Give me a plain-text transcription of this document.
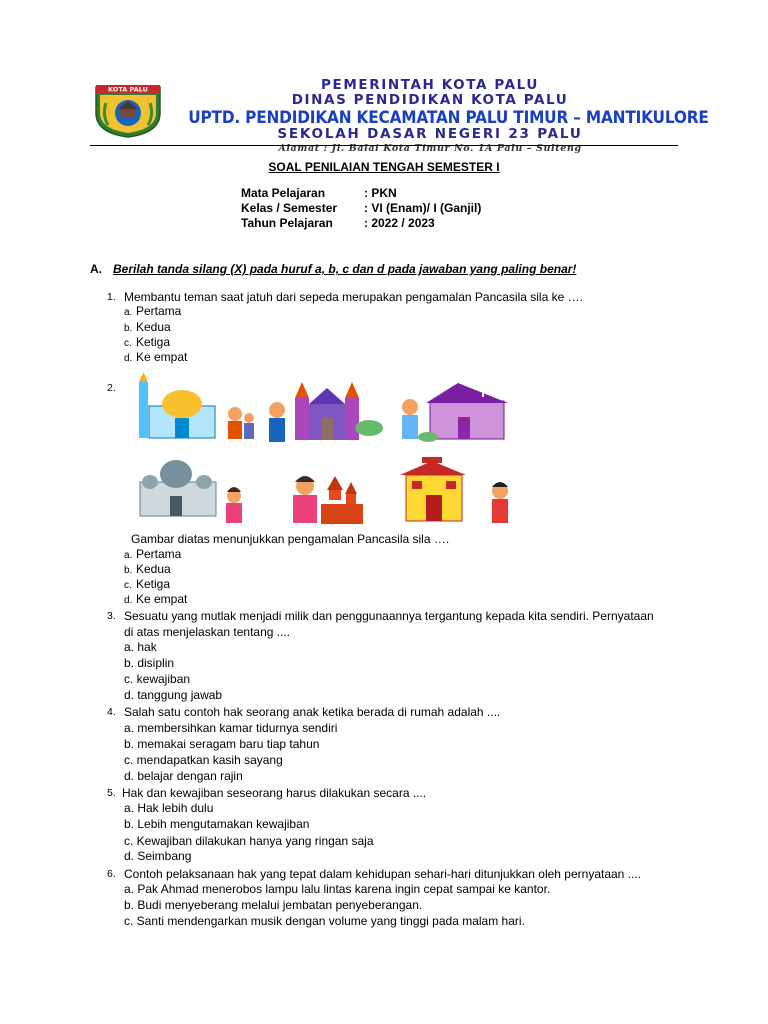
KOTA PALU	PEMERINTAH KOTA PALU
DINAS PENDIDIKAN KOTA PALU
UPTD. PENDIDIKAN KECAMATAN PALU TIMUR – MANTIKULORE
SEKOLAH DASAR NEGERI 23 PALU
Alamat : Jl. Balai Kota Timur No. 1A Palu – Sulteng
SOAL PENILAIAN TENGAH SEMESTER I
Mata Pelajaran	: PKN
Kelas / Semester : VI (Enam)/ I (Ganjil)
Tahun Pelajaran	: 2022 / 2023
A. Berilah tanda silang (X) pada huruf a, b, c dan d pada jawaban yang paling benar!
1. Membantu teman saat jatuh dari sepeda merupakan pengamalan Pancasila sila ke ….
a. Pertama
b. Kedua
c. Ketiga
d. Ke empat
2.
Gambar diatas menunjukkan pengamalan Pancasila sila ….
a. Pertama
b. Kedua
c. Ketiga
d. Ke empat
3. Sesuatu yang mutlak menjadi milik dan penggunaannya tergantung kepada kita sendiri. Pernyataan
di atas menjelaskan tentang ....
a. hak
b. disiplin
c. kewajiban
d. tanggung jawab
4. Salah satu contoh hak seorang anak ketika berada di rumah adalah ....
a. membersihkan kamar tidurnya sendiri
b. memakai seragam baru tiap tahun
c. mendapatkan kasih sayang
d. belajar dengan rajin
5. Hak dan kewajiban seseorang harus dilakukan secara ....
a. Hak lebih dulu
b. Lebih mengutamakan kewajiban
c. Kewajiban dilakukan hanya yang ringan saja
d. Seimbang
6. Contoh pelaksanaan hak yang tepat dalam kehidupan sehari-hari ditunjukkan oleh pernyataan ....
a. Pak Ahmad menerobos lampu lalu lintas karena ingin cepat sampai ke kantor.
b. Budi menyeberang melalui jembatan penyeberangan.
c. Santi mendengarkan musik dengan volume yang tinggi pada malam hari.
